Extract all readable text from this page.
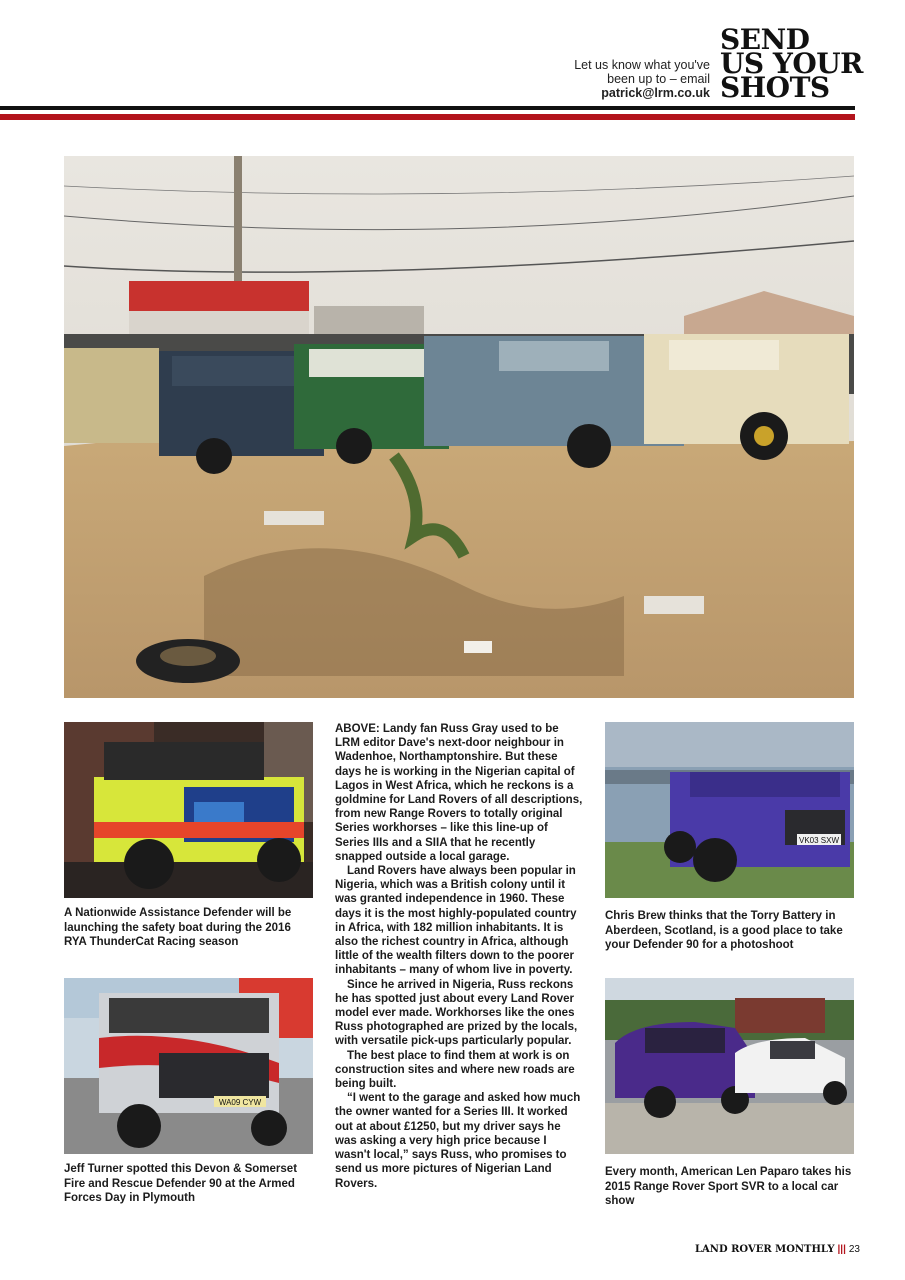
Let us know what you've
been up to – email
patrick@lrm.co.uk
SEND
US YOUR
SHOTS
A Nationwide Assistance Defender will be launching the safety boat during the 2016 RYA ThunderCat Racing season
WA09 CYW
Jeff Turner spotted this Devon & Somerset Fire and Rescue Defender 90 at the Armed Forces Day in Plymouth

ABOVE: Landy fan Russ Gray used to be LRM editor Dave's next-door neighbour in Wadenhoe, Northamptonshire. But these days he is working in the Nigerian capital of Lagos in West Africa, which he reckons is a goldmine for Land Rovers of all descriptions, from new Range Rovers to totally original Series workhorses – like this line-up of Series IIIs and a SIIA that he recently snapped outside a local garage.

Land Rovers have always been popular in Nigeria, which was a British colony until it was granted independence in 1960. These days it is the most highly-populated country in Africa, with 182 million inhabitants. It is also the richest country in Africa, although little of the wealth filters down to the poorer inhabitants – many of whom live in poverty.

Since he arrived in Nigeria, Russ reckons he has spotted just about every Land Rover model ever made. Workhorses like the ones Russ photographed are prized by the locals, with versatile pick-ups particularly popular.

The best place to find them at work is on construction sites and where new roads are being built.

“I went to the garage and asked how much the owner wanted for a Series III. It worked out at about £1250, but my driver says he was asking a very high price because I wasn't local,” says Russ, who promises to send us more pictures of Nigerian Land Rovers.

VK03 SXW
Chris Brew thinks that the Torry Battery in Aberdeen, Scotland, is a good place to take your Defender 90 for a photoshoot
Every month, American Len Paparo takes his 2015 Range Rover Sport SVR to a local car show
LAND ROVER MONTHLY ||| 23
